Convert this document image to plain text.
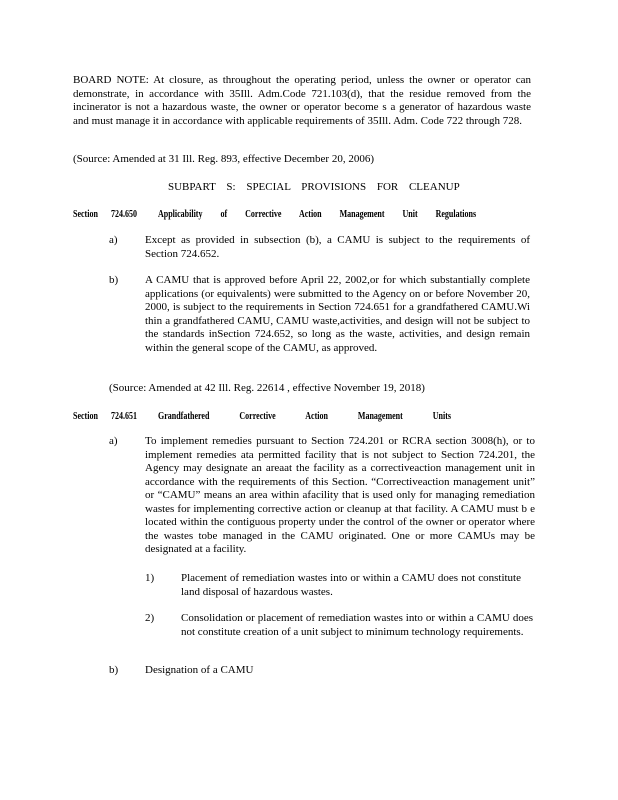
BOARD NOTE: At closure, as throughout the operating period, unless the owner or operator can demonstrate, in accordance with 35Ill. Adm.Code 721.103(d), that the residue removed from the incinerator is not a hazardous waste, the owner or operator become s a generator of hazardous waste and must manage it in accordance with applicable requirements of 35Ill. Adm. Code 722 through 728.
(Source: Amended at 31 Ill. Reg. 893, effective December 20, 2006)
SUBPART S: SPECIAL PROVISIONS FOR CLEANUP
Section 724.650	Applicability of Corrective Action Management Unit Regulations
a) Except as provided in subsection (b), a CAMU is subject to the requirements of Section 724.652.
b) A CAMU that is approved before April 22, 2002,or for which substantially complete applications (or equivalents) were submitted to the Agency on or before November 20, 2000, is subject to the requirements in Section 724.651 for a grandfathered CAMU.Wi thin a grandfathered CAMU, CAMU waste,activities, and design will not be subject to the standards inSection 724.652, so long as the waste, activities, and design remain within the general scope of the CAMU, as approved.
(Source: Amended at 42 Ill. Reg. 22614 , effective November 19, 2018)
Section 724.651	Grandfathered Corrective Action Management Units
a) To implement remedies pursuant to Section 724.201 or RCRA section 3008(h), or to implement remedies ata permitted facility that is not subject to Section 724.201, the Agency may designate an areaat the facility as a correctiveaction management unit in accordance with the requirements of this Section. “Correctiveaction management unit” or “CAMU” means an area within afacility that is used only for managing remediation wastes for implementing corrective action or cleanup at that facility. A CAMU must b e located within the contiguous property under the control of the owner or operator where the wastes tobe managed in the CAMU originated. One or more CAMUs may be designated at a facility.
1) Placement of remediation wastes into or within a CAMU does not constitute land disposal of hazardous wastes.
2) Consolidation or placement of remediation wastes into or within a CAMU does not constitute creation of a unit subject to minimum technology requirements.
b) Designation of a CAMU
